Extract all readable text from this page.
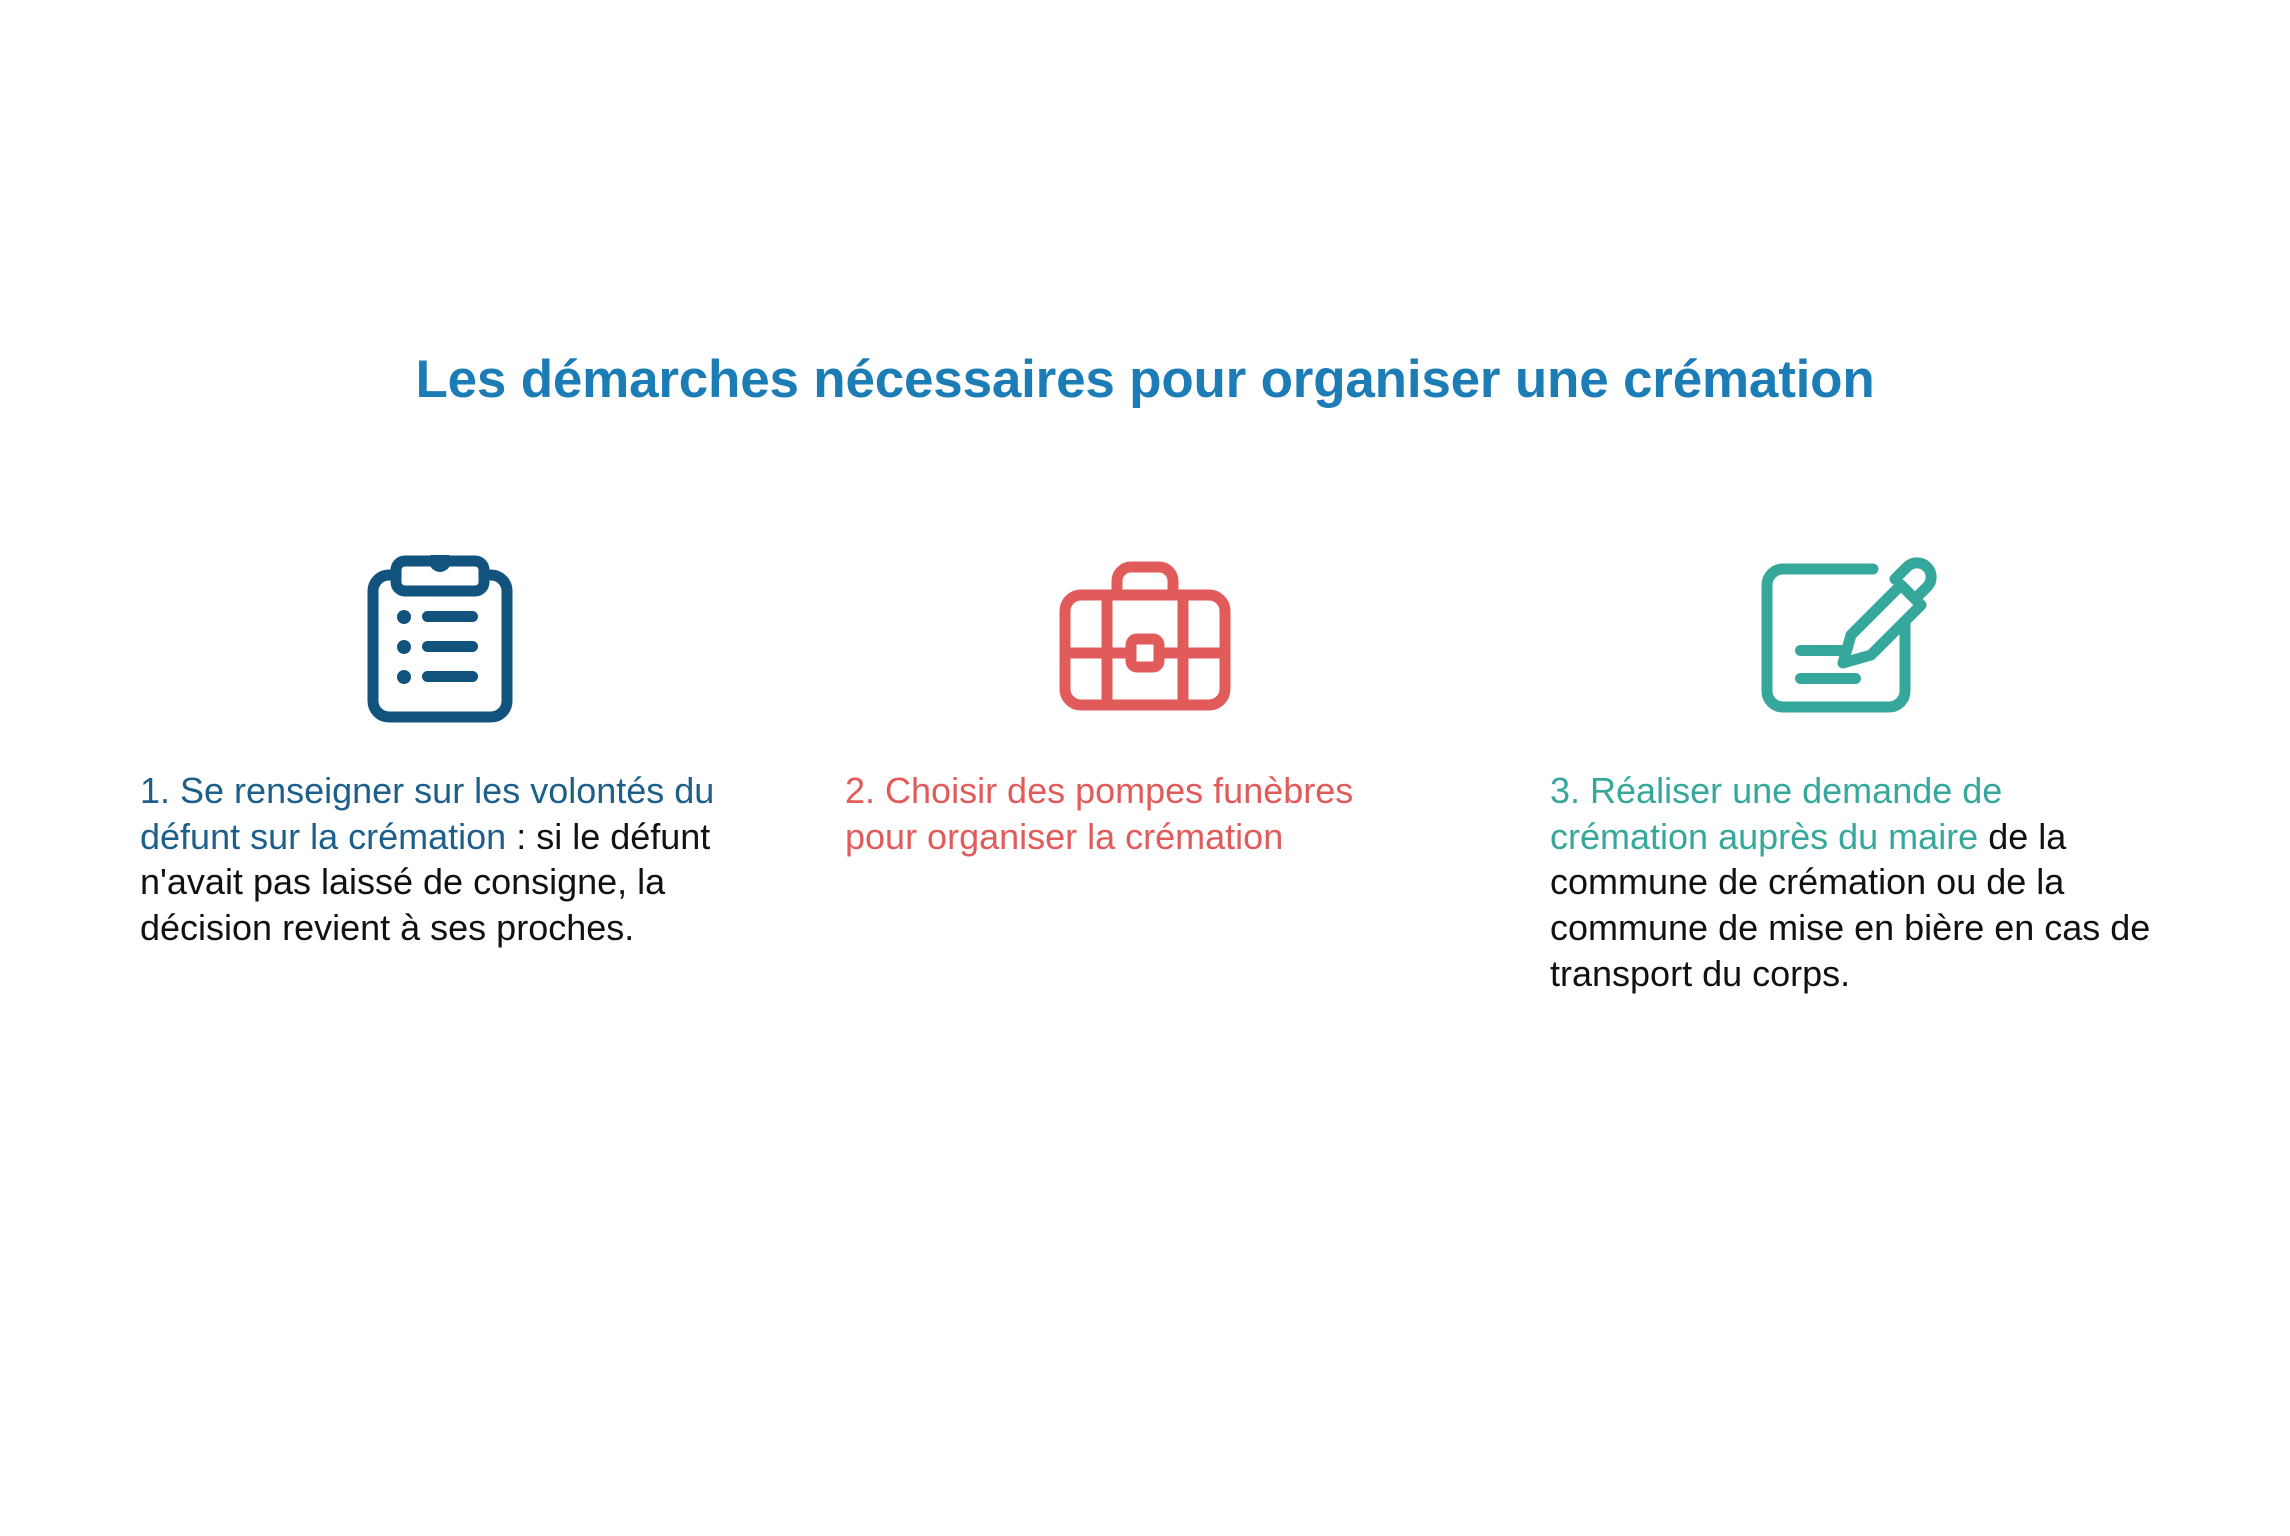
Les démarches nécessaires pour organiser une crémation
1. Se renseigner sur les volontés du défunt sur la crémation : si le défunt n'avait pas laissé de consigne, la décision revient à ses proches.
2. Choisir des pompes funèbres pour organiser la crémation
3. Réaliser une demande de crémation auprès du maire de la commune de crémation ou de la commune de mise en bière en cas de transport du corps.
